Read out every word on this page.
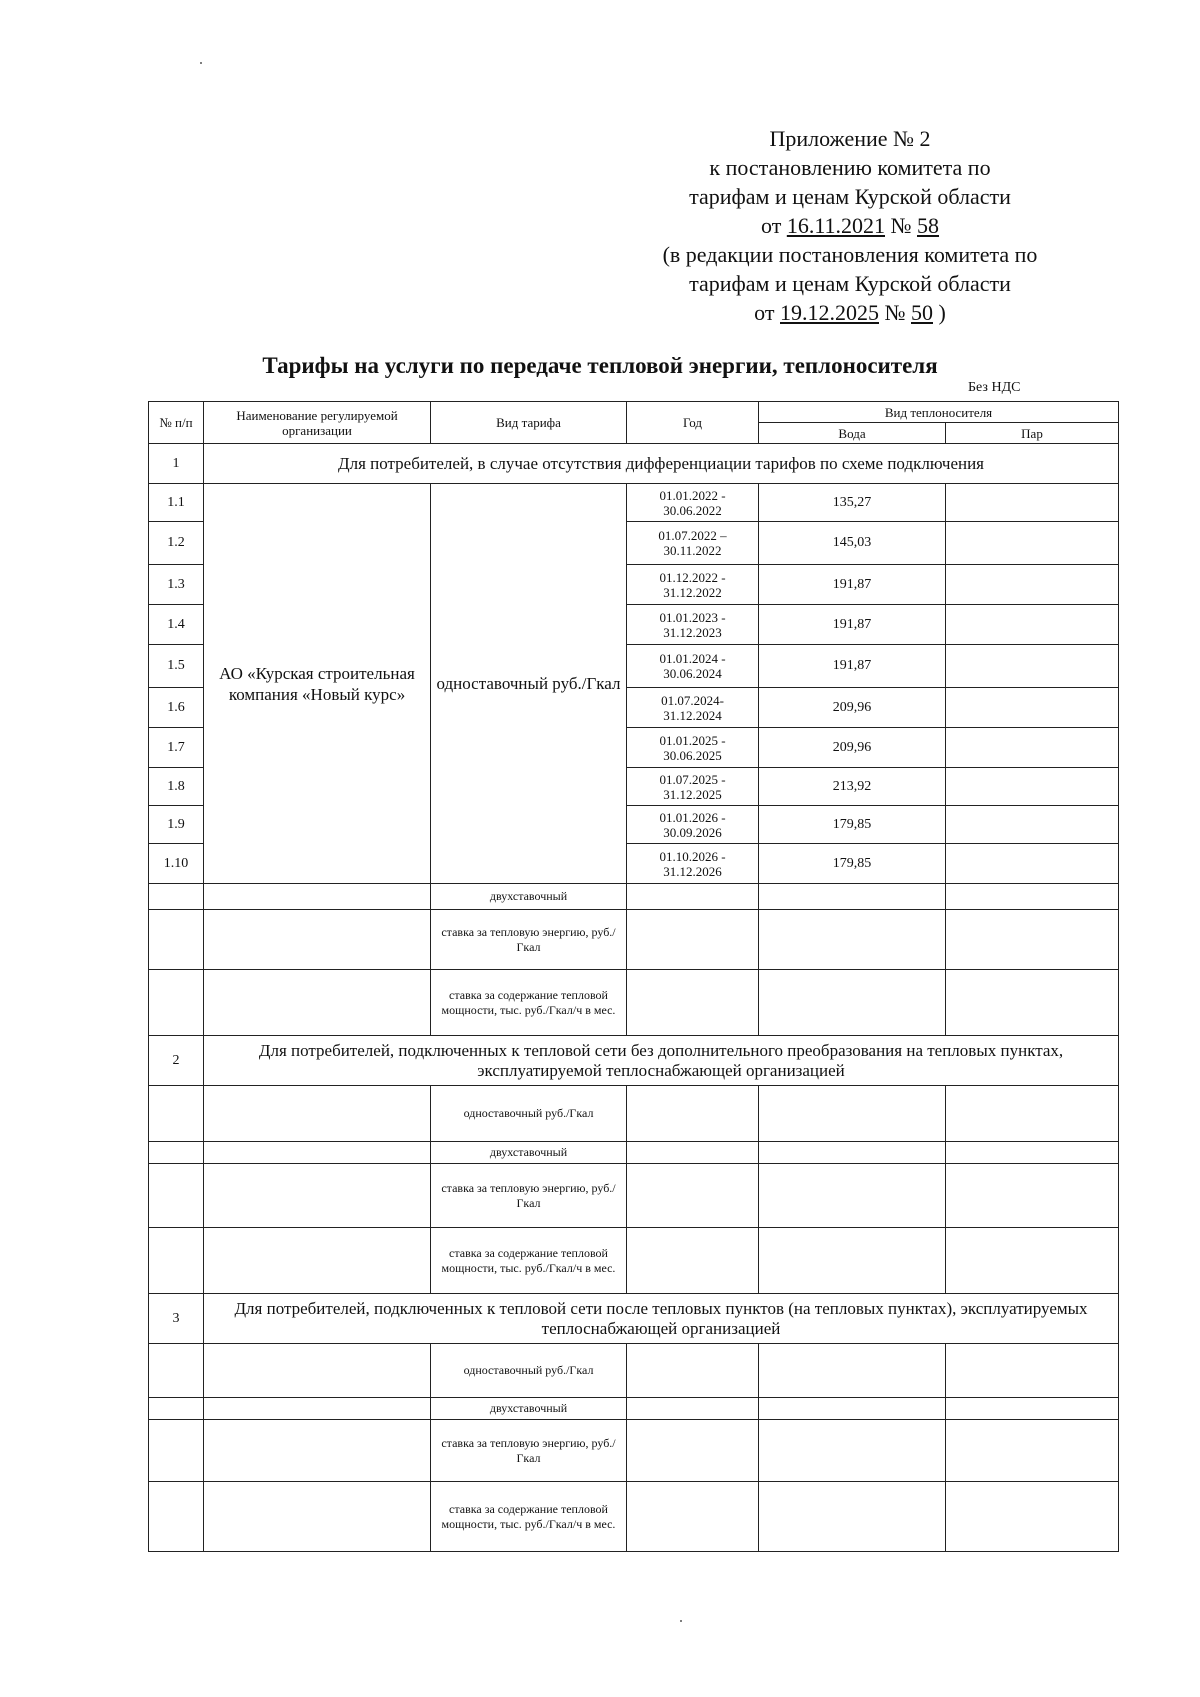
Приложение № 2
к постановлению комитета по
тарифам и ценам Курской области
от 16.11.2021 № 58
(в редакции постановления комитета по
тарифам и ценам Курской области
от 19.12.2025 № 50 )
Тарифы на услуги по передаче тепловой энергии, теплоносителя
Без НДС
№ п/п	Наименование регулируемой организации	Вид тарифа	Год	Вид теплоносителя	
				Вода	Пар
1	Для потребителей, в случае отсутствия дифференциации тарифов по схеме подключения				
1.1	АО «Курская строительная компания «Новый курс»	одноставочный руб./Гкал	01.01.2022 - 30.06.2022	135,27	
1.2			01.07.2022 – 30.11.2022	145,03	
1.3			01.12.2022 - 31.12.2022	191,87	
1.4			01.01.2023 - 31.12.2023	191,87	
1.5			01.01.2024 - 30.06.2024	191,87	
1.6			01.07.2024- 31.12.2024	209,96	
1.7			01.01.2025 - 30.06.2025	209,96	
1.8			01.07.2025 - 31.12.2025	213,92	
1.9			01.01.2026 - 30.09.2026	179,85	
1.10			01.10.2026 - 31.12.2026	179,85	
		двухставочный			
		ставка за тепловую энергию, руб./Гкал			
		ставка за содержание тепловой мощности, тыс. руб./Гкал/ч в мес.			
2	Для потребителей, подключенных к тепловой сети без дополнительного преобразования на тепловых пунктах, эксплуатируемой теплоснабжающей организацией				
		одноставочный руб./Гкал			
		двухставочный			
		ставка за тепловую энергию, руб./Гкал			
		ставка за содержание тепловой мощности, тыс. руб./Гкал/ч в мес.			
3	Для потребителей, подключенных к тепловой сети после тепловых пунктов (на тепловых пунктах), эксплуатируемых теплоснабжающей организацией				
		одноставочный руб./Гкал			
		двухставочный			
		ставка за тепловую энергию, руб./Гкал			
		ставка за содержание тепловой мощности, тыс. руб./Гкал/ч в мес.			
